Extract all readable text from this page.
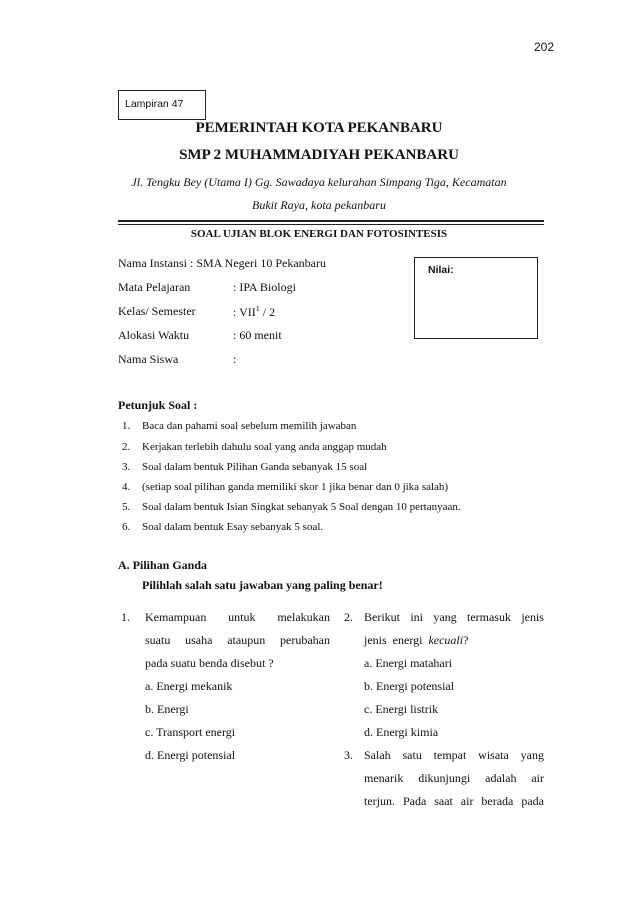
202
Lampiran 47
PEMERINTAH KOTA PEKANBARU
SMP 2 MUHAMMADIYAH PEKANBARU
Jl. Tengku Bey (Utama I) Gg. Sawadaya kelurahan Simpang Tiga, Kecamatan
Bukit Raya, kota pekanbaru
SOAL UJIAN BLOK ENERGI DAN FOTOSINTESIS
Nama Instansi : SMA Negeri 10 Pekanbaru
Mata Pelajaran	: IPA Biologi
Kelas/ Semester	: VII$^1$ / 2
Alokasi Waktu	: 60 menit
Nama Siswa	:
Nilai:
Petunjuk Soal :
1. Baca dan pahami soal sebelum memilih jawaban
2. Kerjakan terlebih dahulu soal yang anda anggap mudah
3. Soal dalam bentuk Pilihan Ganda sebanyak 15 soal
4. (setiap soal pilihan ganda memiliki skor 1 jika benar dan 0 jika salah)
5. Soal dalam bentuk Isian Singkat sebanyak 5 Soal dengan 10 pertanyaan.
6. Soal dalam bentuk Esay sebanyak 5 soal.
A. Pilihan Ganda
Pilihlah salah satu jawaban yang paling benar!
1. Kemampuan untuk melakukan
suatu usaha ataupun perubahan
pada suatu benda disebut ?
a. Energi mekanik
b. Energi
c. Transport energi
d. Energi potensial
2. Berikut ini yang termasuk jenis
jenis  energi  kecuali?
a. Energi matahari
b. Energi potensial
c. Energi listrik
d. Energi kimia
3. Salah satu tempat wisata yang
menarik dikunjungi adalah air
terjun. Pada saat air berada pada
